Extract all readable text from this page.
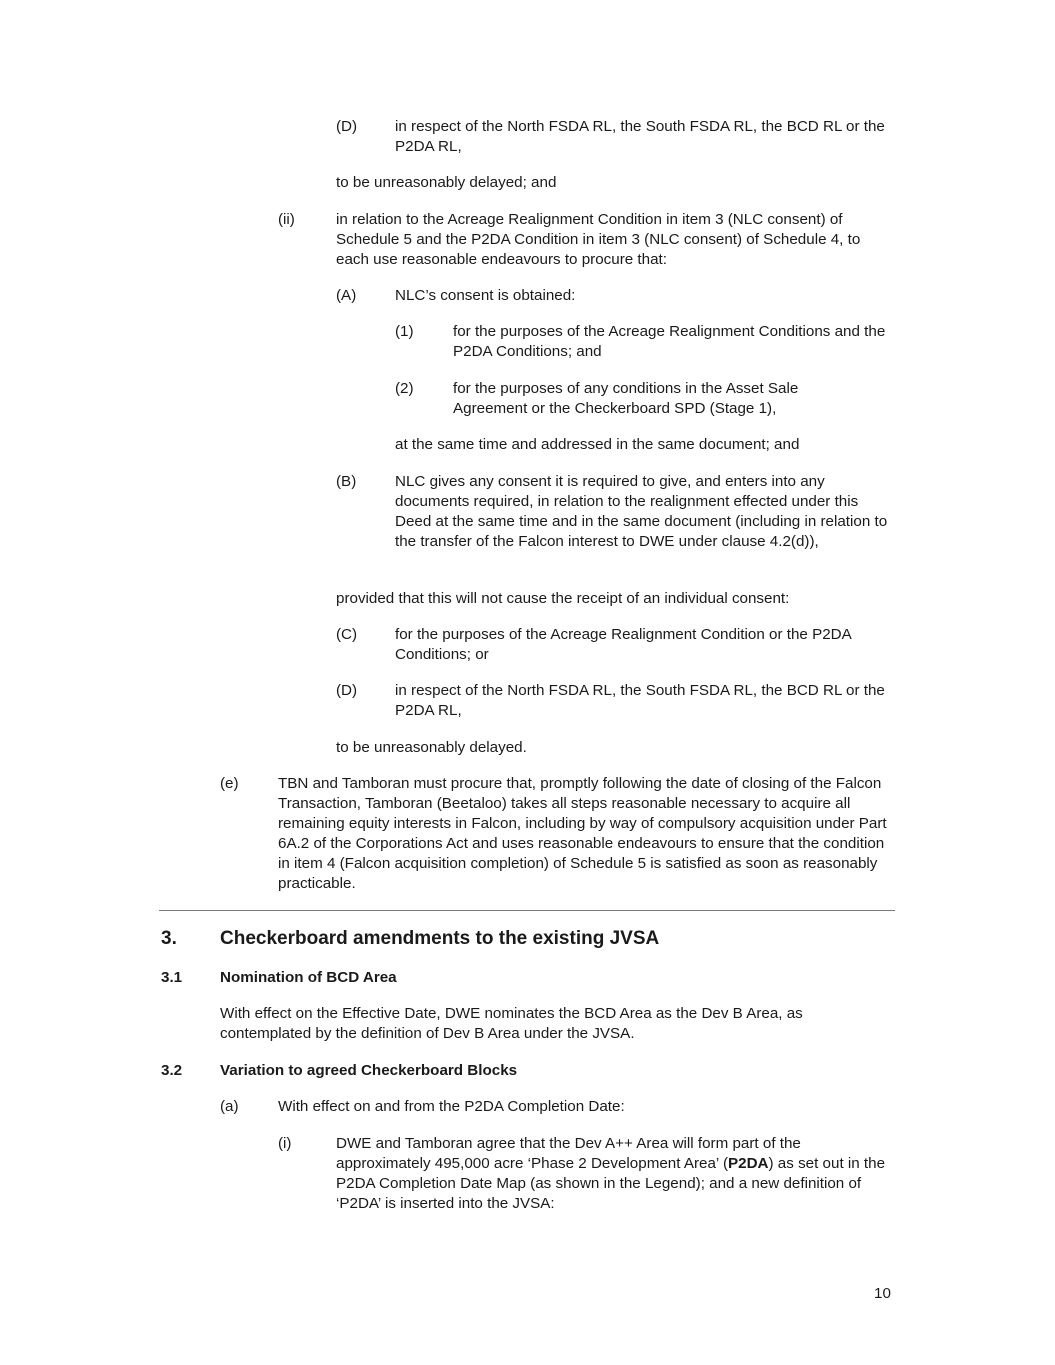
(D) in respect of the North FSDA RL, the South FSDA RL, the BCD RL or the P2DA RL,
to be unreasonably delayed; and
(ii)	in relation to the Acreage Realignment Condition in item 3 (NLC consent) of Schedule 5 and the P2DA Condition in item 3 (NLC consent) of Schedule 4, to each use reasonable endeavours to procure that:
(A)	NLC’s consent is obtained:
(1)	for the purposes of the Acreage Realignment Conditions and the P2DA Conditions; and
(2)	for the purposes of any conditions in the Asset Sale Agreement or the Checkerboard SPD (Stage 1),
at the same time and addressed in the same document; and
(B)	NLC gives any consent it is required to give, and enters into any documents required, in relation to the realignment effected under this Deed at the same time and in the same document (including in relation to the transfer of the Falcon interest to DWE under clause 4.2(d)),
provided that this will not cause the receipt of an individual consent:
(C) for the purposes of the Acreage Realignment Condition or the P2DA Conditions; or
(D) in respect of the North FSDA RL, the South FSDA RL, the BCD RL or the P2DA RL,
to be unreasonably delayed.
(e)	TBN and Tamboran must procure that, promptly following the date of closing of the Falcon Transaction, Tamboran (Beetaloo) takes all steps reasonable necessary to acquire all remaining equity interests in Falcon, including by way of compulsory acquisition under Part 6A.2 of the Corporations Act and uses reasonable endeavours to ensure that the condition in item 4 (Falcon acquisition completion) of Schedule 5 is satisfied as soon as reasonably practicable.
3. Checkerboard amendments to the existing JVSA
3.1 Nomination of BCD Area
With effect on the Effective Date, DWE nominates the BCD Area as the Dev B Area, as contemplated by the definition of Dev B Area under the JVSA.
3.2 Variation to agreed Checkerboard Blocks
(a)	With effect on and from the P2DA Completion Date:
(i)	DWE and Tamboran agree that the Dev A++ Area will form part of the approximately 495,000 acre ‘Phase 2 Development Area’ (P2DA) as set out in the P2DA Completion Date Map (as shown in the Legend); and a new definition of ‘P2DA’ is inserted into the JVSA:
10
